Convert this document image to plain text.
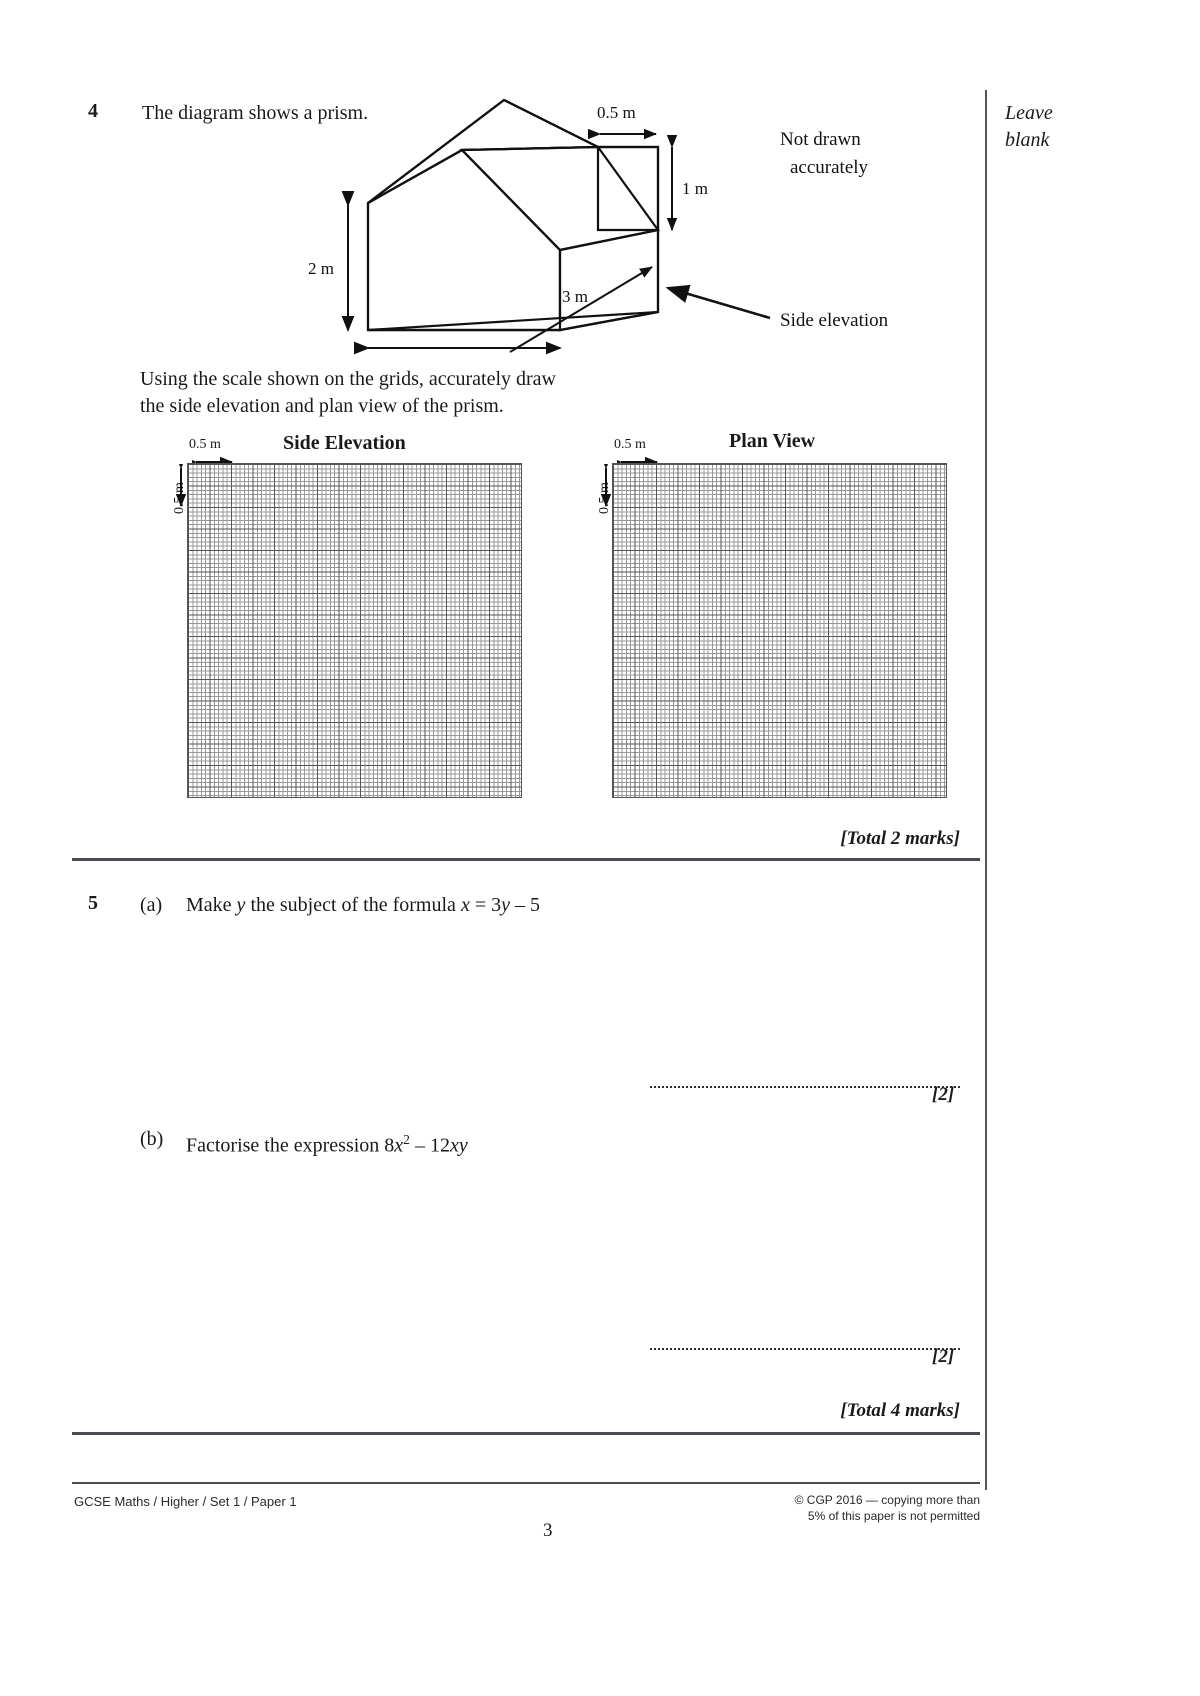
Leave
blank
4 The diagram shows a prism.
2 m
0.5 m
1 m
3 m
Side elevation
Not drawn
accurately
Using the scale shown on the grids, accurately draw
the side elevation and plan view of the prism.
Side Elevation
0.5 m
0.5 m
Plan View
0.5 m
0.5 m
[Total 2 marks]
5 (a) Make y the subject of the formula x = 3y – 5
[2]
(b) Factorise the expression $8x^2 - 12xy$
[2]
[Total 4 marks]
GCSE Maths / Higher / Set 1 / Paper 1	© CGP 2016 — copying more than
5% of this paper is not permitted
3
